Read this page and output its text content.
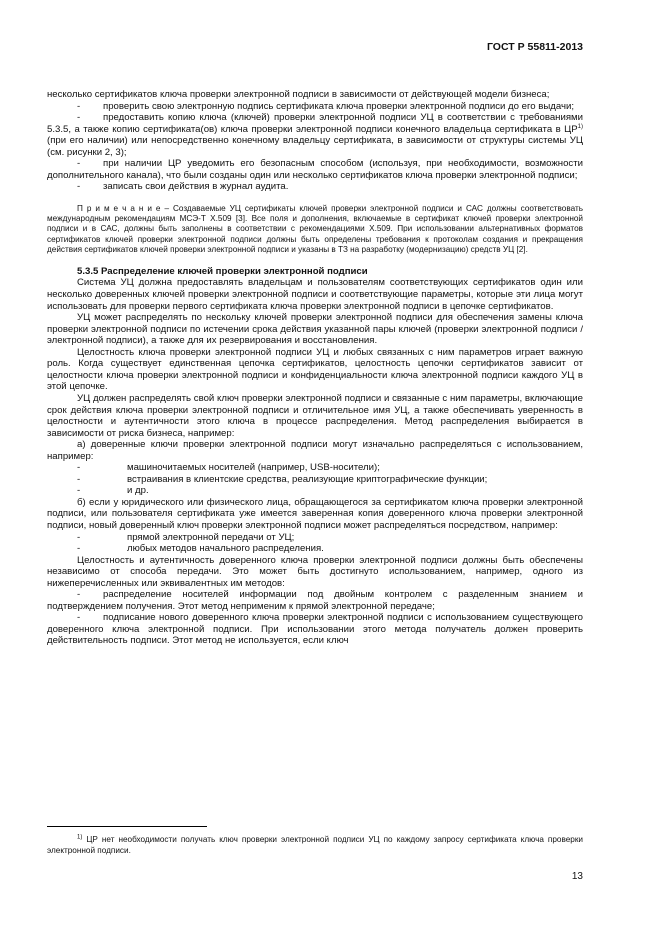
ГОСТ Р 55811-2013

несколько сертификатов ключа проверки электронной подписи в зависимости от действующей модели бизнеса;

- проверить свою электронную подпись сертификата ключа проверки электронной подписи до его выдачи;

- предоставить копию ключа (ключей) проверки электронной подписи УЦ в соответствии с требованиями 5.3.5, а также копию сертификата(ов) ключа проверки электронной подписи конечного владельца сертификата в ЦР$^{1)}$ (при его наличии) или непосредственно конечному владельцу сертификата, в зависимости от структуры системы УЦ (см. рисунки 2, 3);

- при наличии ЦР уведомить его безопасным способом (используя, при необходимости, возможности дополнительного канала), что были созданы один или несколько сертификатов ключа проверки электронной подписи;

- записать свои действия в журнал аудита.

П р и м е ч а н и е – Создаваемые УЦ сертификаты ключей проверки электронной подписи и САС должны соответствовать международным рекомендациям МСЭ-Т X.509 [3]. Все поля и дополнения, включаемые в сертификат ключей проверки электронной подписи и в САС, должны быть заполнены в соответствии с рекомендациями X.509. При использовании альтернативных форматов сертификатов ключей проверки электронной подписи должны быть определены требования к протоколам создания и прекращения действия сертификатов ключей проверки электронной подписи и указаны в ТЗ на разработку (модернизацию) средств УЦ [2].

5.3.5 Распределение ключей проверки электронной подписи

Система УЦ должна предоставлять владельцам и пользователям соответствующих сертификатов один или несколько доверенных ключей проверки электронной подписи и соответствующие параметры, которые эти лица могут использовать для проверки первого сертификата ключа проверки электронной подписи в цепочке сертификатов.

УЦ может распределять по нескольку ключей проверки электронной подписи для обеспечения замены ключа проверки электронной подписи по истечении срока действия указанной пары ключей (проверки электронной подписи / электронной подписи), а также для их резервирования и восстановления.

Целостность ключа проверки электронной подписи УЦ и любых связанных с ним параметров играет важную роль. Когда существует единственная цепочка сертификатов, целостность цепочки сертификатов зависит от целостности ключа проверки электронной подписи и конфиденциальности ключа электронной подписи каждого УЦ в этой цепочке.

УЦ должен распределять свой ключ проверки электронной подписи и связанные с ним параметры, включающие срок действия ключа проверки электронной подписи и отличительное имя УЦ, а также обеспечивать уверенность в целостности и аутентичности этого ключа в процессе распределения. Метод распределения выбирается в зависимости от риска бизнеса, например:

а) доверенные ключи проверки электронной подписи могут изначально распределяться с использованием, например:

-	машиночитаемых носителей (например, USB-носители);
-	встраивания в клиентские средства, реализующие криптографические функции;
-	и др.

б) если у юридического или физического лица, обращающегося за сертификатом ключа проверки электронной подписи, или пользователя сертификата уже имеется заверенная копия доверенного ключа проверки электронной подписи, новый доверенный ключ проверки электронной подписи может распределяться посредством, например:

-	прямой электронной передачи от УЦ;
-	любых методов начального распределения.

Целостность и аутентичность доверенного ключа проверки электронной подписи должны быть обеспечены независимо от способа передачи. Это может быть достигнуто использованием, например, одного из нижеперечисленных или эквивалентных им методов:

- распределение носителей информации под двойным контролем с разделенным знанием и подтверждением получения. Этот метод неприменим к прямой электронной передаче;

- подписание нового доверенного ключа проверки электронной подписи с использованием существующего доверенного ключа электронной подписи. При использовании этого метода получатель должен проверить действительность подписи. Этот метод не используется, если ключ

$^{1)}$ ЦР нет необходимости получать ключ проверки электронной подписи УЦ по каждому запросу сертификата ключа проверки электронной подписи.
13
